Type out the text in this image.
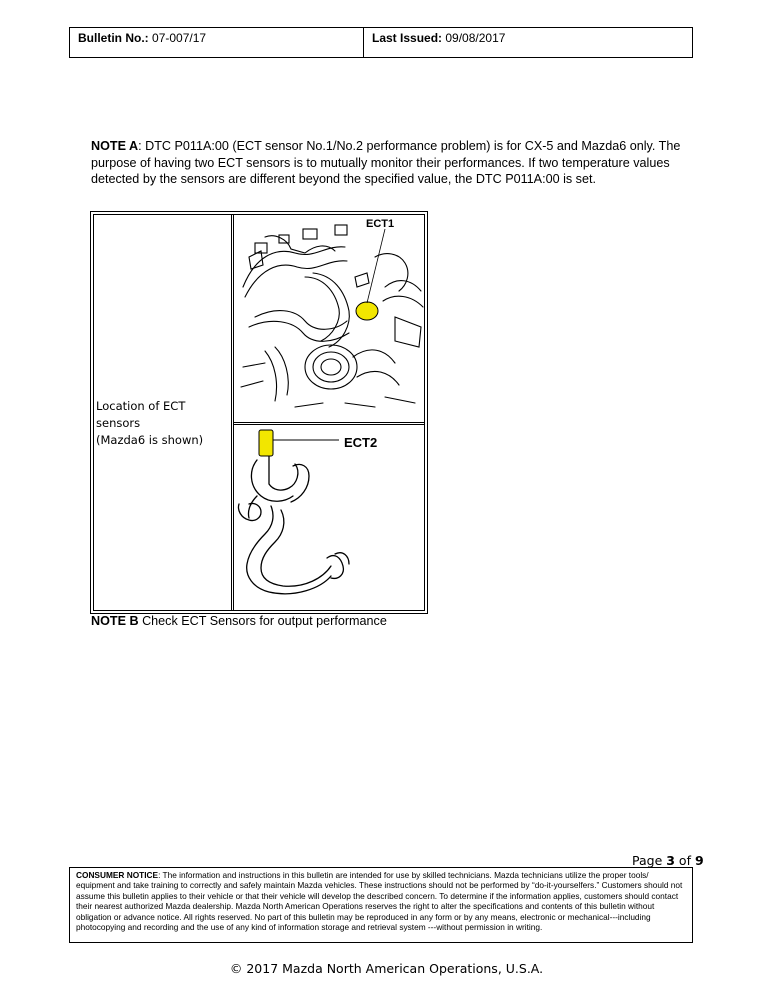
Bulletin No.: 07-007/17	Last Issued: 09/08/2017
NOTE A: DTC P011A:00 (ECT sensor No.1/No.2 performance problem) is for CX-5 and Mazda6 only. The purpose of having two ECT sensors is to mutually monitor their performances. If two temperature values detected by the sensors are different beyond the specified value, the DTC P011A:00 is set.
Location of ECT sensors
(Mazda6 is shown)
ECT1
ECT2
NOTE B Check ECT Sensors for output performance
Page 3 of 9
CONSUMER NOTICE: The information and instructions in this bulletin are intended for use by skilled technicians. Mazda technicians utilize the proper tools/ equipment and take training to correctly and safely maintain Mazda vehicles. These instructions should not be performed by “do-it-yourselfers.” Customers should not assume this bulletin applies to their vehicle or that their vehicle will develop the described concern. To determine if the information applies, customers should contact their nearest authorized Mazda dealership. Mazda North American Operations reserves the right to alter the specifications and contents of this bulletin without obligation or advance notice. All rights reserved. No part of this bulletin may be reproduced in any form or by any means, electronic or mechanical---including photocopying and recording and the use of any kind of information storage and retrieval system ---without permission in writing.
© 2017 Mazda North American Operations, U.S.A.
